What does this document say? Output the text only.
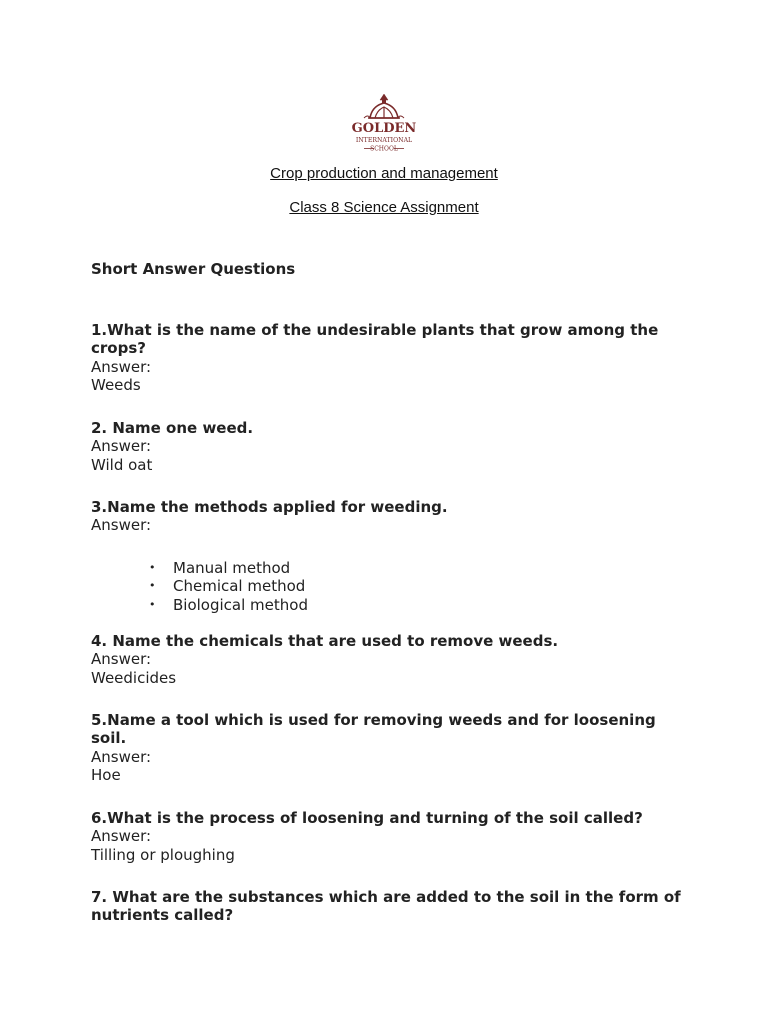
GOLDEN
INTERNATIONAL
SCHOOL
Crop production and management
Class 8 Science Assignment
Short Answer Questions

1.What is the name of the undesirable plants that grow among the crops?

Answer:

Weeds

2. Name one weed.

Answer:

Wild oat

3.Name the methods applied for weeding.

Answer:

• Manual method
• Chemical method
• Biological method

4. Name the chemicals that are used to remove weeds.

Answer:

Weedicides

5.Name a tool which is used for removing weeds and for loosening soil.

Answer:

Hoe

6.What is the process of loosening and turning of the soil called?

Answer:

Tilling or ploughing

7. What are the substances which are added to the soil in the form of nutrients called?
